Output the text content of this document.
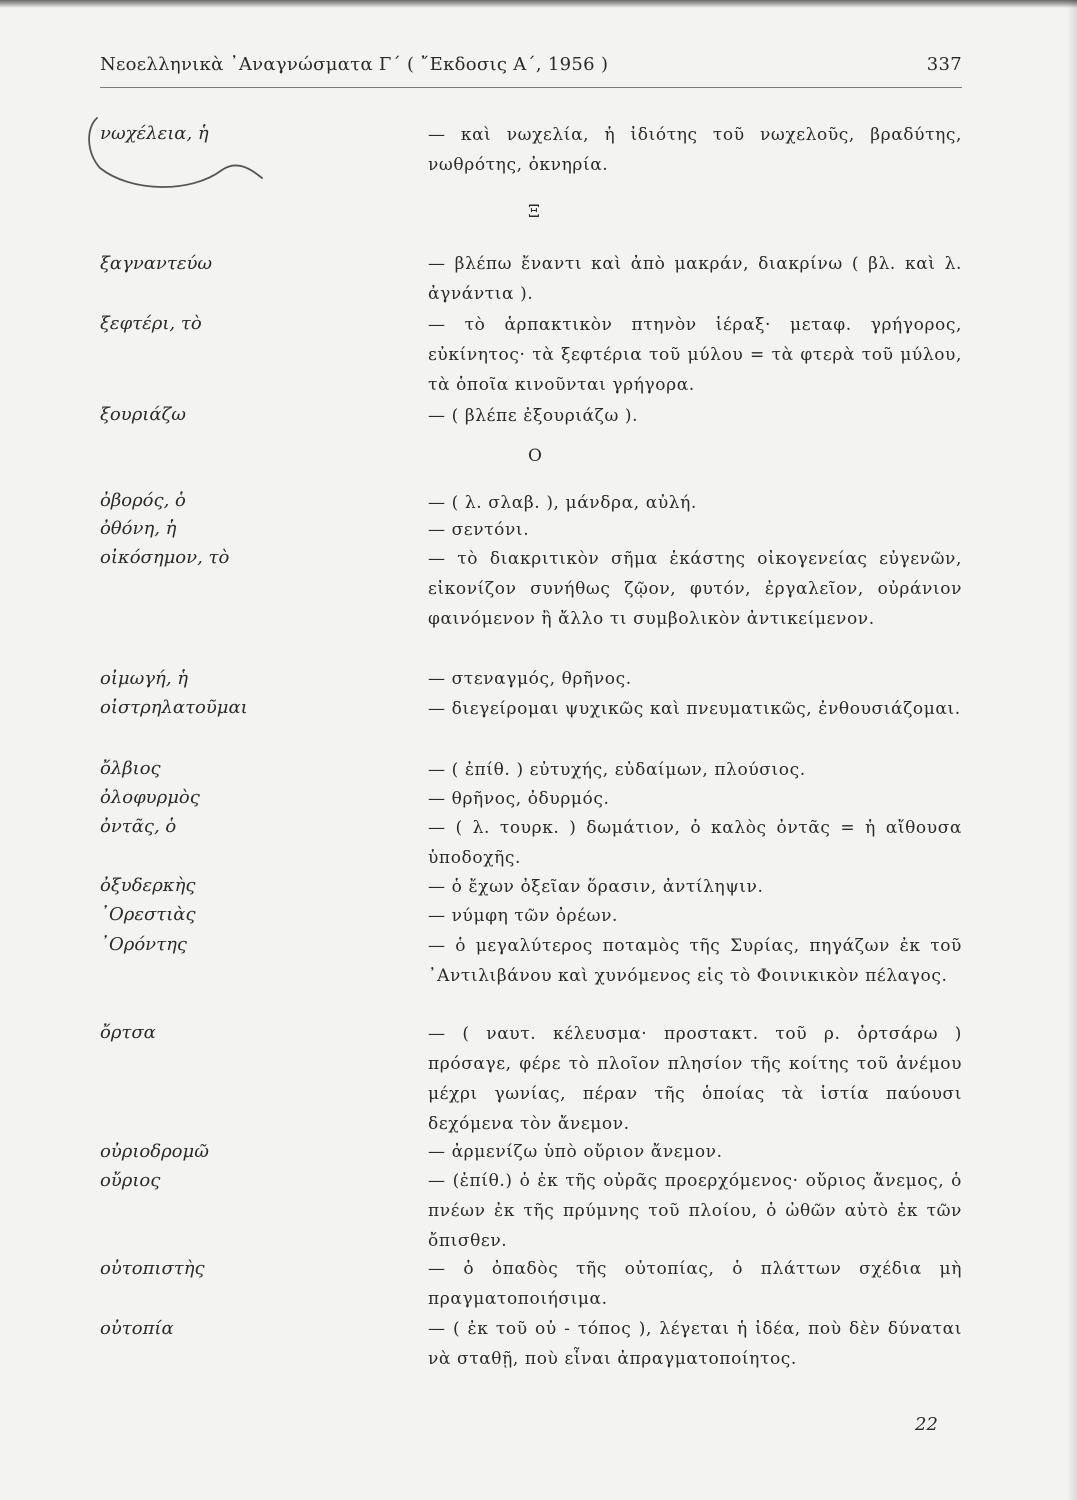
Νεοελληνικὰ ᾿Αναγνώσματα Γ΄ ( ῎Εκδοσις Α΄, 1956 )	337
νωχέλεια, ἡ	— καὶ νωχελία, ἡ ἰδιότης τοῦ νωχελοῦς, βραδύτης, νωθρότης, ὀκνηρία.
Ξ
ξαγναντεύω	— βλέπω ἔναντι καὶ ἀπὸ μακράν, διακρίνω ( βλ. καὶ λ. ἀγνάντια ).
ξεφτέρι, τὸ	— τὸ ἁρπακτικὸν πτηνὸν ἱέραξ· μεταφ. γρήγορος, εὐκίνητος· τὰ ξεφτέρια τοῦ μύλου = τὰ φτερὰ τοῦ μύλου, τὰ ὁποῖα κινοῦνται γρήγορα.
ξουριάζω	— ( βλέπε ἐξουριάζω ).
Ο
ὀβορός, ὁ	— ( λ. σλαβ. ), μάνδρα, αὐλή.
ὀθόνη, ἡ	— σεντόνι.
οἰκόσημον, τὸ	— τὸ διακριτικὸν σῆμα ἑκάστης οἰκογενείας εὐγενῶν, εἰκονίζον συνήθως ζῷον, φυτόν, ἐργαλεῖον, οὐράνιον φαινόμενον ἢ ἄλλο τι συμβολικὸν ἀντικείμενον.
οἰμωγή, ἡ	— στεναγμός, θρῆνος.
οἰστρηλατοῦμαι	— διεγείρομαι ψυχικῶς καὶ πνευματικῶς, ἐνθουσιάζομαι.
ὄλβιος	— ( ἐπίθ. ) εὐτυχής, εὐδαίμων, πλούσιος.
ὀλοφυρμὸς	— θρῆνος, ὀδυρμός.
ὀντᾶς, ὁ	— ( λ. τουρκ. ) δωμάτιον, ὁ καλὸς ὀντᾶς = ἡ αἴθουσα ὑποδοχῆς.
ὀξυδερκὴς	— ὁ ἔχων ὀξεῖαν ὅρασιν, ἀντίληψιν.
᾿Ορεστιὰς	— νύμφη τῶν ὀρέων.
᾿Ορόντης	— ὁ μεγαλύτερος ποταμὸς τῆς Συρίας, πηγάζων ἐκ τοῦ ᾿Αντιλιβάνου καὶ χυνόμενος εἰς τὸ Φοινικικὸν πέλαγος.
ὄρτσα	— ( ναυτ. κέλευσμα· προστακτ. τοῦ ρ. ὀρτσάρω ) πρόσαγε, φέρε τὸ πλοῖον πλησίον τῆς κοίτης τοῦ ἀνέμου μέχρι γωνίας, πέραν τῆς ὁποίας τὰ ἱστία παύουσι δεχόμενα τὸν ἄνεμον.
οὐριοδρομῶ	— ἀρμενίζω ὑπὸ οὔριον ἄνεμον.
οὔριος	— (ἐπίθ.) ὁ ἐκ τῆς οὐρᾶς προερχόμενος· οὔριος ἄνεμος, ὁ πνέων ἐκ τῆς πρύμνης τοῦ πλοίου, ὁ ὠθῶν αὐτὸ ἐκ τῶν ὄπισθεν.
οὐτοπιστὴς	— ὁ ὀπαδὸς τῆς οὐτοπίας, ὁ πλάττων σχέδια μὴ πραγματοποιήσιμα.
οὐτοπία	— ( ἐκ τοῦ οὐ - τόπος ), λέγεται ἡ ἰδέα, ποὺ δὲν δύναται νὰ σταθῇ, ποὺ εἶναι ἀπραγματοποίητος.
22
